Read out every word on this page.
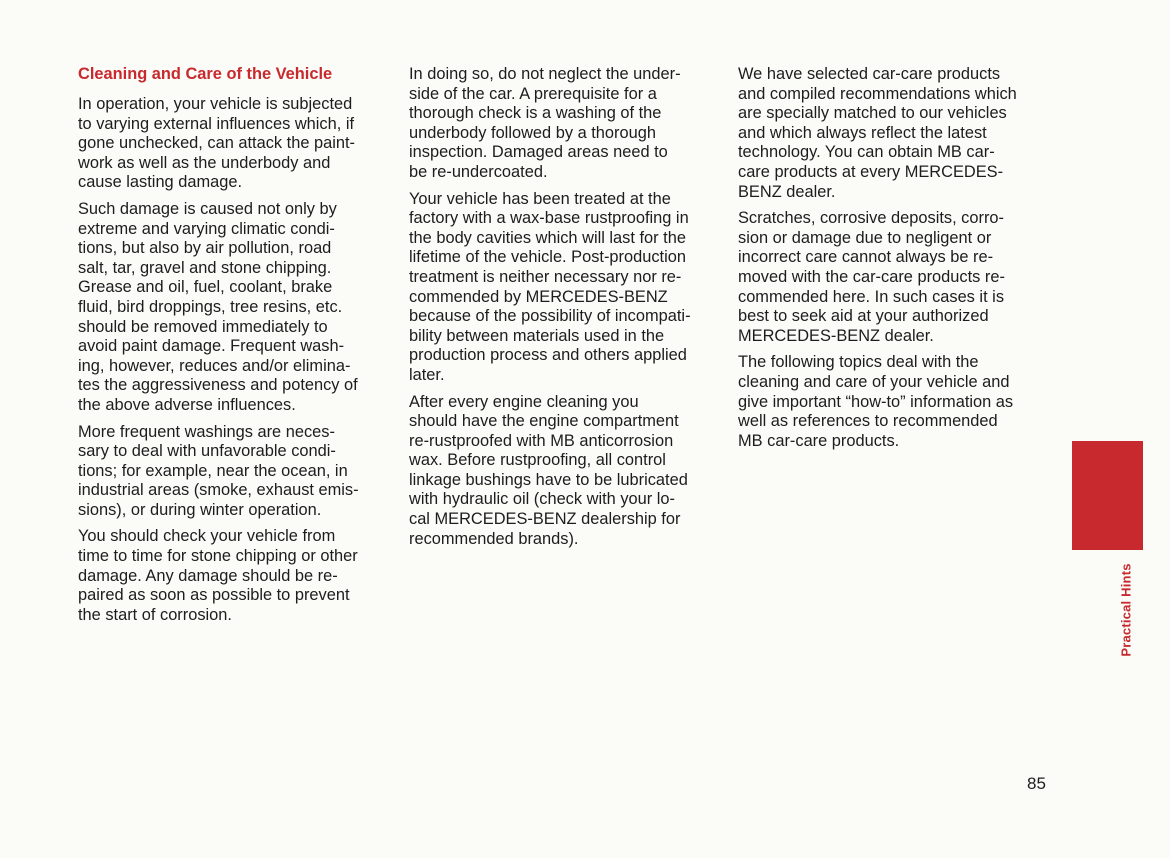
Cleaning and Care of the Vehicle

In operation, your vehicle is subjected
to varying external influences which, if
gone unchecked, can attack the paint-
work as well as the underbody and
cause lasting damage.

Such damage is caused not only by
extreme and varying climatic condi-
tions, but also by air pollution, road
salt, tar, gravel and stone chipping.
Grease and oil, fuel, coolant, brake
fluid, bird droppings, tree resins, etc.
should be removed immediately to
avoid paint damage. Frequent wash-
ing, however, reduces and/or elimina-
tes the aggressiveness and potency of
the above adverse influences.

More frequent washings are neces-
sary to deal with unfavorable condi-
tions; for example, near the ocean, in
industrial areas (smoke, exhaust emis-
sions), or during winter operation.

You should check your vehicle from
time to time for stone chipping or other
damage. Any damage should be re-
paired as soon as possible to prevent
the start of corrosion.

In doing so, do not neglect the under-
side of the car. A prerequisite for a
thorough check is a washing of the
underbody followed by a thorough
inspection. Damaged areas need to
be re-undercoated.

Your vehicle has been treated at the
factory with a wax-base rustproofing in
the body cavities which will last for the
lifetime of the vehicle. Post-production
treatment is neither necessary nor re-
commended by MERCEDES-BENZ
because of the possibility of incompati-
bility between materials used in the
production process and others applied
later.

After every engine cleaning you
should have the engine compartment
re-rustproofed with MB anticorrosion
wax. Before rustproofing, all control
linkage bushings have to be lubricated
with hydraulic oil (check with your lo-
cal MERCEDES-BENZ dealership for
recommended brands).

We have selected car-care products
and compiled recommendations which
are specially matched to our vehicles
and which always reflect the latest
technology. You can obtain MB car-
care products at every MERCEDES-
BENZ dealer.

Scratches, corrosive deposits, corro-
sion or damage due to negligent or
incorrect care cannot always be re-
moved with the car-care products re-
commended here. In such cases it is
best to seek aid at your authorized
MERCEDES-BENZ dealer.

The following topics deal with the
cleaning and care of your vehicle and
give important “how-to” information as
well as references to recommended
MB car-care products.

Practical Hints
85
